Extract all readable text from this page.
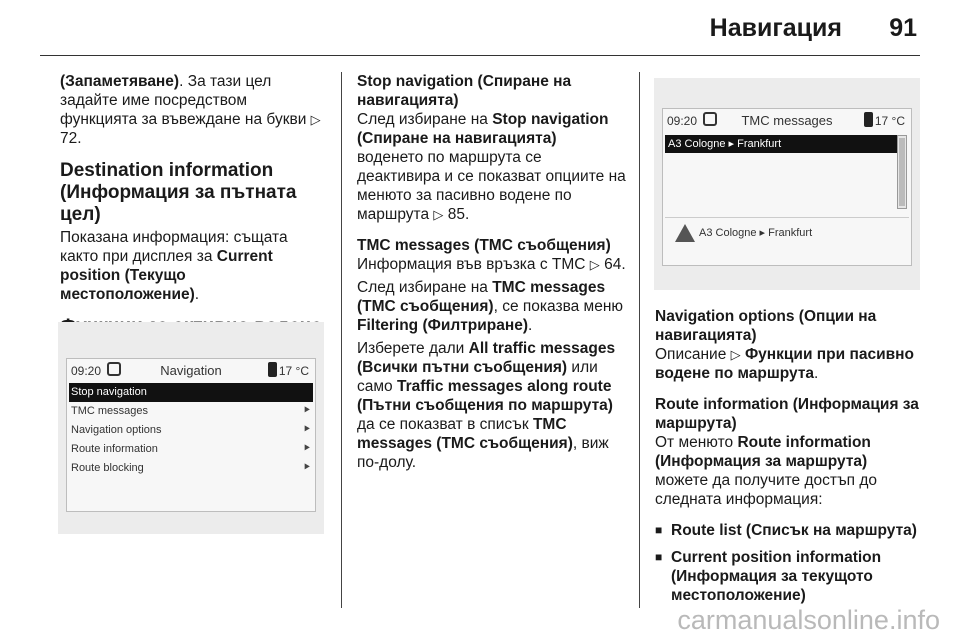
Навигация 91

(Запаметяване). За тази цел задайте име посредством функцията за въвеждане на букви ▷ 72.

Destination information (Информация за пътната цел)

Показана информация: същата както при дисплея за Current position (Текущо местоположение).

09:20	Navigation	17 °C
Stop navigation
TMC messages	⯈
Navigation options	⯈
Route information	⯈
Route blocking	⯈
Stop navigation (Спиране на навигацията)

След избиране на Stop navigation (Спиране на навигацията) воденето по маршрута се деактивира и се показват опциите на менюто за пасивно водене по маршрута ▷ 85.

TMC messages (TMC съобщения)

Информация във връзка с TMC ▷ 64.

След избиране на TMC messages (TMC съобщения), се показва меню Filtering (Филтриране).

Изберете дали All traffic messages (Всички пътни съобщения) или само Traffic messages along route (Пътни съобщения по маршрута) да се показват в списък TMC messages (TMC съобщения), виж по-долу.

09:20	TMC messages	17 °C
A3 Cologne ▸ Frankfurt
A3 Cologne ▸ Frankfurt
Navigation options (Опции на навигацията)

Описание ▷ Функции при пасивно водене по маршрута.

Route information (Информация за маршрута)

От менюто Route information (Информация за маршрута) можете да получите достъп до следната информация:

■ Route list (Списък на маршрута)
■ Current position information (Информация за текущото местоположение)
carmanualsonline.info
